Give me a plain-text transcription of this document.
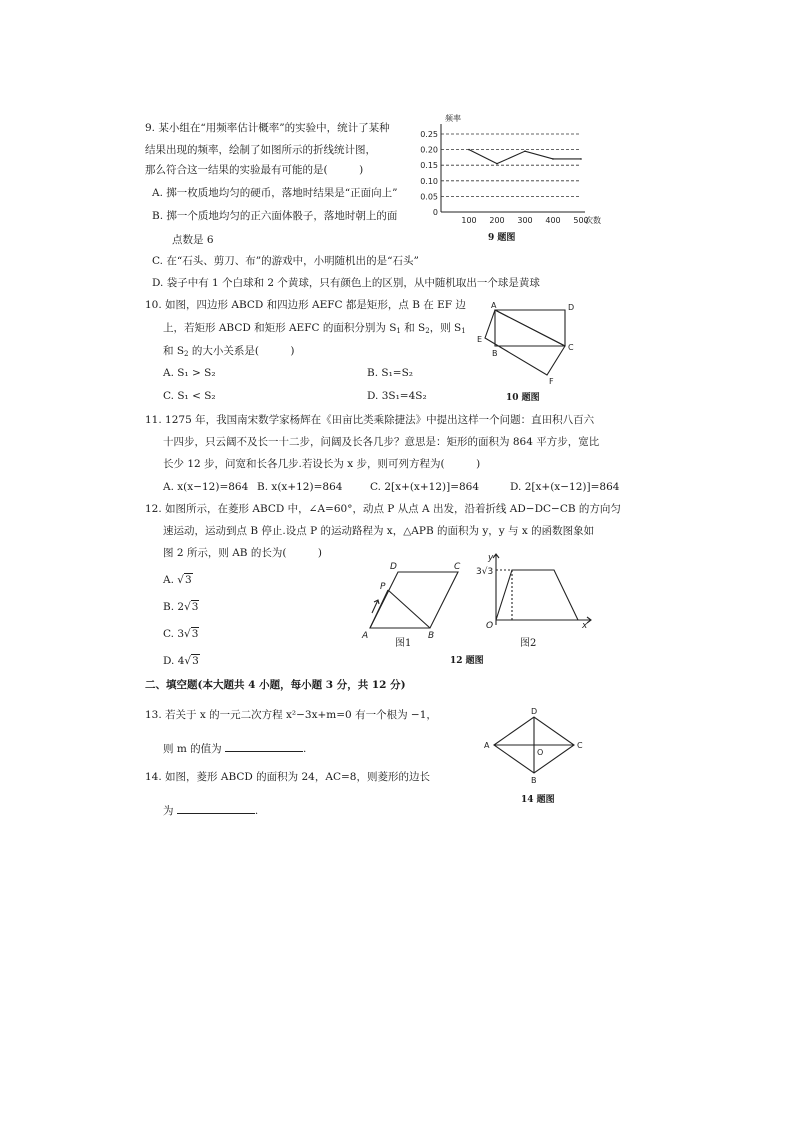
9. 某小组在“用频率估计概率”的实验中，统计了某种
结果出现的频率，绘制了如图所示的折线统计图，
那么符合这一结果的实验最有可能的是(　　　)
A. 掷一枚质地均匀的硬币，落地时结果是“正面向上”
B. 掷一个质地均匀的正六面体骰子，落地时朝上的面
点数是 6
C. 在“石头、剪刀、布”的游戏中，小明随机出的是“石头”
D. 袋子中有 1 个白球和 2 个黄球，只有颜色上的区别，从中随机取出一个球是黄球
0
0.05
0.10
0.15
0.20
0.25
100 200 300 400 500
频率
次数
9 题图
10. 如图，四边形 ABCD 和四边形 AEFC 都是矩形，点 B 在 EF 边
上，若矩形 ABCD 和矩形 AEFC 的面积分别为 $S_1$ 和 $S_2$，则 $S_1$
和 $S_2$ 的大小关系是(　　　)
A. S₁ > S₂	B. S₁=S₂
C. S₁ < S₂	D. 3S₁=4S₂
A	D
E
B
C
F
10 题图
11. 1275 年，我国南宋数学家杨辉在《田亩比类乘除捷法》中提出这样一个问题：直田积八百六
十四步，只云阔不及长一十二步，问阔及长各几步？意思是：矩形的面积为 864 平方步，宽比
长少 12 步，问宽和长各几步.若设长为 x 步，则可列方程为(　　　)
A. x(x−12)=864 B. x(x+12)=864	C. 2[x+(x+12)]=864	D. 2[x+(x−12)]=864
12. 如图所示，在菱形 ABCD 中，∠A=60°，动点 P 从点 A 出发，沿着折线 AD−DC−CB 的方向匀
速运动，运动到点 B 停止.设点 P 的运动路程为 x，△APB 的面积为 y，y 与 x 的函数图象如
图 2 所示，则 AB 的长为(　　　)
A. √3
B. 2√3
C. 3√3
D. 4√3
A	B
C
D
P
图1
y
3√3
O	x
图2
12 题图
二、填空题(本大题共 4 小题，每小题 3 分，共 12 分)
13. 若关于 x 的一元二次方程 x²−3x+m=0 有一个根为 −1，
则 m 的值为	.
14. 如图，菱形 ABCD 的面积为 24，AC=8，则菱形的边长
为	.
A	C
D
B
O
14 题图
